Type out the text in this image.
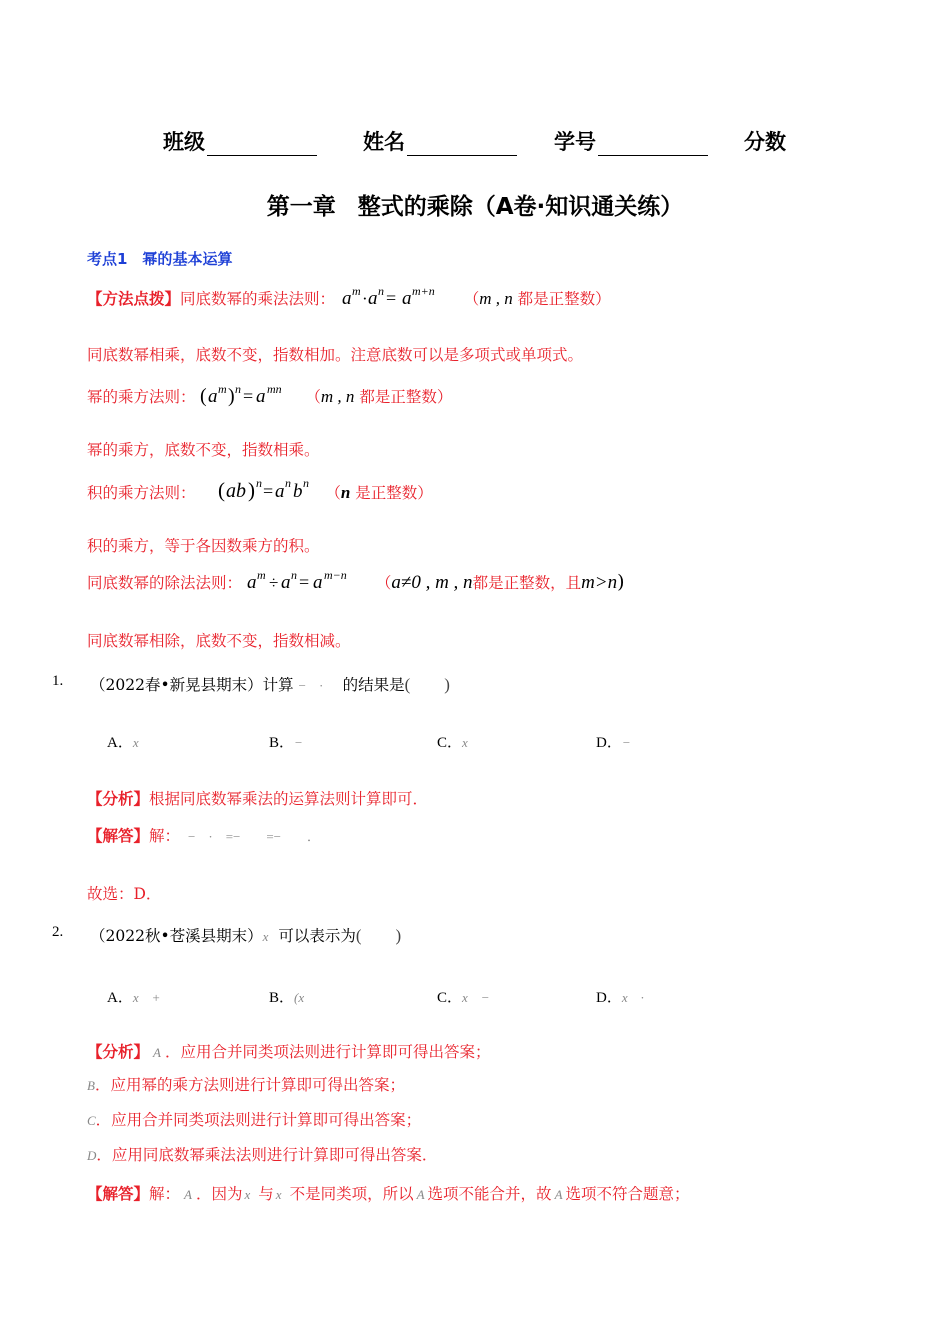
班级	姓名	学号	分数
第一章 整式的乘除（A卷·知识通关练）
考点1　幂的基本运算
【方法点拨】同底数幂的乘法法则： a m · a n = a m+n （m , n 都是正整数）
同底数幂相乘，底数不变，指数相加。注意底数可以是多项式或单项式。
幂的乘方法则： ( a m ) n = a mn （m , n 都是正整数）
幂的乘方，底数不变，指数相乘。
积的乘方法则： ( ab ) n = a n b n
（n 是正整数）
积的乘方，等于各因数乘方的积。
同底数幂的除法法则： a m ÷ a n = a m−n （a≠0 , m , n都是正整数，且m>n)
同底数幂相除，底数不变，指数相减。
1. （2022春•新晃县期末）计算 −　· 的结果是(　　)
A．x	B．−	C．x	D．−
【分析】根据同底数幂乘法的运算法则计算即可．
【解答】解： −　·　=−　　=−　　．
故选：D．
2. （2022秋•苍溪县期末）x 可以表示为(　　)
A．x　+	B．(x	C．x　−	D．x　·
【分析】 A ．应用合并同类项法则进行计算即可得出答案；
B．应用幂的乘方法则进行计算即可得出答案；
C．应用合并同类项法则进行计算即可得出答案；
D．应用同底数幂乘法法则进行计算即可得出答案．
【解答】解： A ．因为 x 与 x 不是同类项，所以 A 选项不能合并，故 A 选项不符合题意；
